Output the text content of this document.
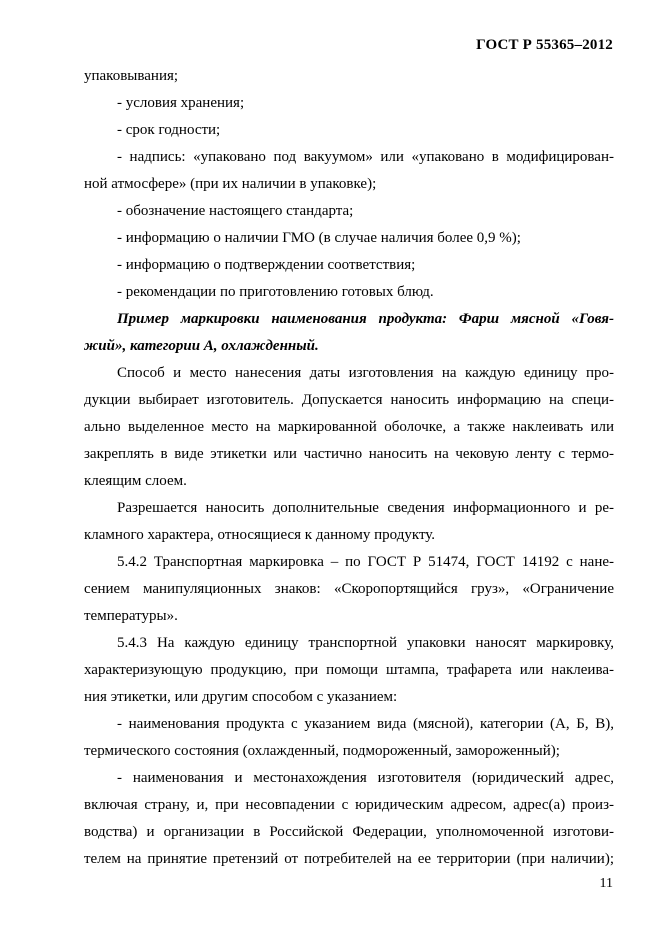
ГОСТ Р 55365–2012
упаковывания;
- условия хранения;
- срок годности;
- надпись: «упаковано под вакуумом» или «упаковано в модифицирован-
ной атмосфере» (при их наличии в упаковке);
- обозначение настоящего стандарта;
- информацию о наличии ГМО (в случае наличия более 0,9 %);
- информацию о подтверждении соответствия;
- рекомендации по приготовлению готовых блюд.
Пример маркировки наименования продукта: Фарш мясной «Говя-
жий», категории А, охлажденный.
Способ и место нанесения даты изготовления на каждую единицу про-
дукции выбирает изготовитель. Допускается наносить информацию на специ-
ально выделенное место на маркированной оболочке, а также наклеивать или
закреплять в виде этикетки или частично наносить на чековую ленту с термо-
клеящим слоем.
Разрешается наносить дополнительные сведения информационного и ре-
кламного характера, относящиеся к данному продукту.
5.4.2 Транспортная маркировка – по ГОСТ Р 51474, ГОСТ 14192 с нане-
сением манипуляционных знаков: «Скоропортящийся груз», «Ограничение
температуры».
5.4.3 На каждую единицу транспортной упаковки наносят маркировку,
характеризующую продукцию, при помощи штампа, трафарета или наклеива-
ния этикетки, или другим способом с указанием:
- наименования продукта с указанием вида (мясной), категории (А, Б, В),
термического состояния (охлажденный, подмороженный, замороженный);
- наименования и местонахождения изготовителя (юридический адрес,
включая страну, и, при несовпадении с юридическим адресом, адрес(а) произ-
водства) и организации в Российской Федерации, уполномоченной изготови-
телем на принятие претензий от потребителей на ее территории (при наличии);
11
